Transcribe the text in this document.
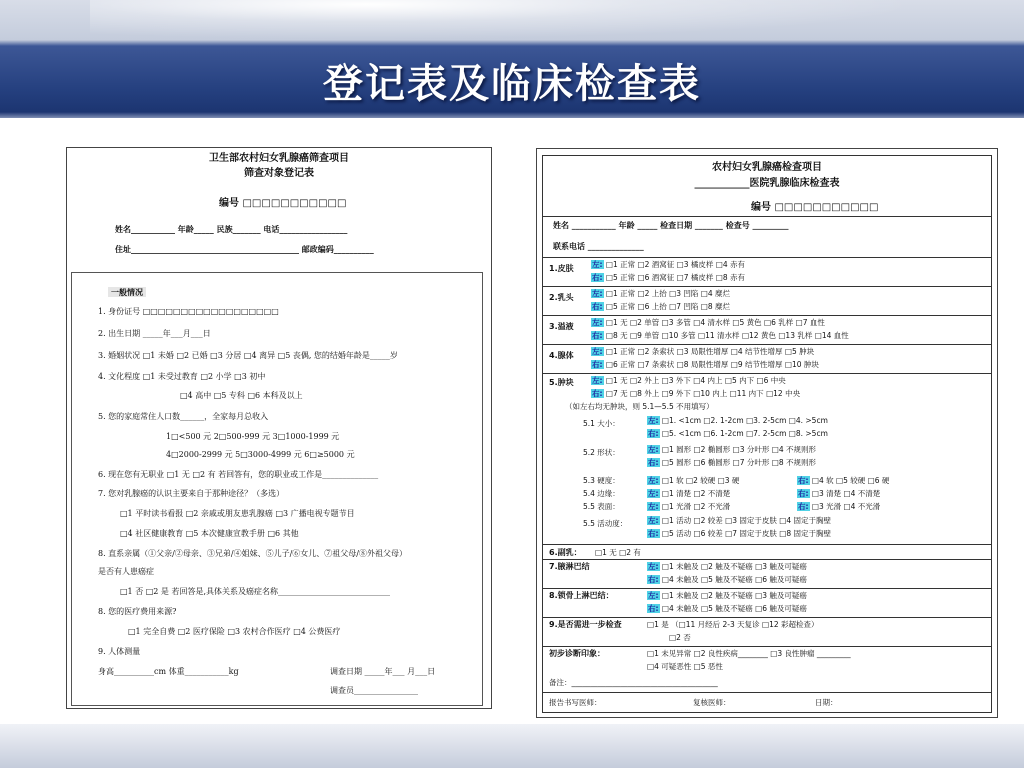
登记表及临床检查表
卫生部农村妇女乳腺癌筛查项目
筛查对象登记表
编号 □□□□□□□□□□□
姓名___________ 年龄_____ 民族_______ 电话_________________
住址__________________________________________ 邮政编码__________
一般情况
1. 身份证号 □□□□□□□□□□□□□□□□□□
2. 出生日期 _____年___月___日
3. 婚姻状况 □1 未婚 □2 已婚 □3 分居 □4 离异 □5 丧偶, 您的结婚年龄是_____岁
4. 文化程度 □1 未受过教育 □2 小学 □3 初中
□4 高中 □5 专科 □6 本科及以上
5. 您的家庭常住人口数______，全家每月总收入
1□<500 元 2□500-999 元 3□1000-1999 元
4□2000-2999 元 5□3000-4999 元 6□≥5000 元
6. 现在您有无职业 □1 无 □2 有 若回答有，您的职业或工作是______________
7. 您对乳腺癌的认识主要来自于那种途径？（多选）
□1 平时读书看报 □2 亲戚或朋友患乳腺癌 □3 广播电视专题节目
□4 社区健康教育 □5 本次健康宣教手册 □6 其他
8. 直系亲属（①父亲/②母亲、③兄弟/④姐妹、⑤儿子/⑥女儿、⑦祖父母/⑧外祖父母）
是否有人患癌症
□1 否 □2 是 若回答是,具体关系及癌症名称____________________________
8. 您的医疗费用来源?
□1 完全自费 □2 医疗保险 □3 农村合作医疗 □4 公费医疗
9. 人体测量
身高__________cm 体重___________kg	调查日期 _____年___ 月___日
调查员________________
农村妇女乳腺癌检查项目
___________医院乳腺临床检查表
编号 □□□□□□□□□□□
姓名 ___________ 年龄 _____ 检查日期 _______ 检查号 _________
联系电话 ______________
1.皮肤 左: □1 正常 □2 酒窝征 □3 橘皮样 □4 赤有
右: □5 正常 □6 酒窝征 □7 橘皮样 □8 赤有
2.乳头 左: □1 正常 □2 上抬 □3 凹陷 □4 糜烂
右: □5 正常 □6 上抬 □7 凹陷 □8 糜烂
3.溢液 左: □1 无 □2 单管 □3 多管 □4 清水样 □5 黄色 □6 乳样 □7 血性
右: □8 无 □9 单管 □10 多管 □11 清水样 □12 黄色 □13 乳样 □14 血性
4.腺体 左: □1 正常 □2 条索状 □3 局限性增厚 □4 结节性增厚 □5 肿块
右: □6 正常 □7 条索状 □8 局限性增厚 □9 结节性增厚 □10 肿块
5.肿块 左: □1 无 □2 外上 □3 外下 □4 内上 □5 内下 □6 中央
右: □7 无 □8 外上 □9 外下 □10 内上 □11 内下 □12 中央
（如左右均无肿块，则 5.1—5.5 不用填写）
5.1 大小：	左: □1. <1cm □2. 1-2cm □3. 2-5cm □4. >5cm
右: □5. <1cm □6. 1-2cm □7. 2-5cm □8. >5cm
5.2 形状：	左: □1 圆形 □2 椭圆形 □3 分叶形 □4 不规则形
右: □5 圆形 □6 椭圆形 □7 分叶形 □8 不规则形
5.3 硬度：	左: □1 软 □2 较硬 □3 硬	右: □4 软 □5 较硬 □6 硬
5.4 边缘：	左: □1 清楚 □2 不清楚	右: □3 清楚 □4 不清楚
5.5 表面：	左: □1 光滑 □2 不光滑	右: □3 光滑 □4 不光滑
5.5 活动度：	左: □1 活动 □2 较差 □3 固定于皮肤 □4 固定于胸壁
右: □5 活动 □6 较差 □7 固定于皮肤 □8 固定于胸壁
6.副乳： □1 无 □2 有
7.腋淋巴结	左: □1 未触及 □2 触及不疑癌 □3 触及可疑癌
右: □4 未触及 □5 触及不疑癌 □6 触及可疑癌
8.锁骨上淋巴结：	左: □1 未触及 □2 触及不疑癌 □3 触及可疑癌
右: □4 未触及 □5 触及不疑癌 □6 触及可疑癌
9.是否需进一步检查	□1 是 （□11 月经后 2-3 天复诊 □12 彩超检查）
□2 否
初步诊断印象：	□1 未见异常 □2 良性疾病________ □3 良性肿瘤 _________
□4 可疑恶性 □5 恶性
备注：_______________________________________
报告书写医师：	复核医师：	日期：
